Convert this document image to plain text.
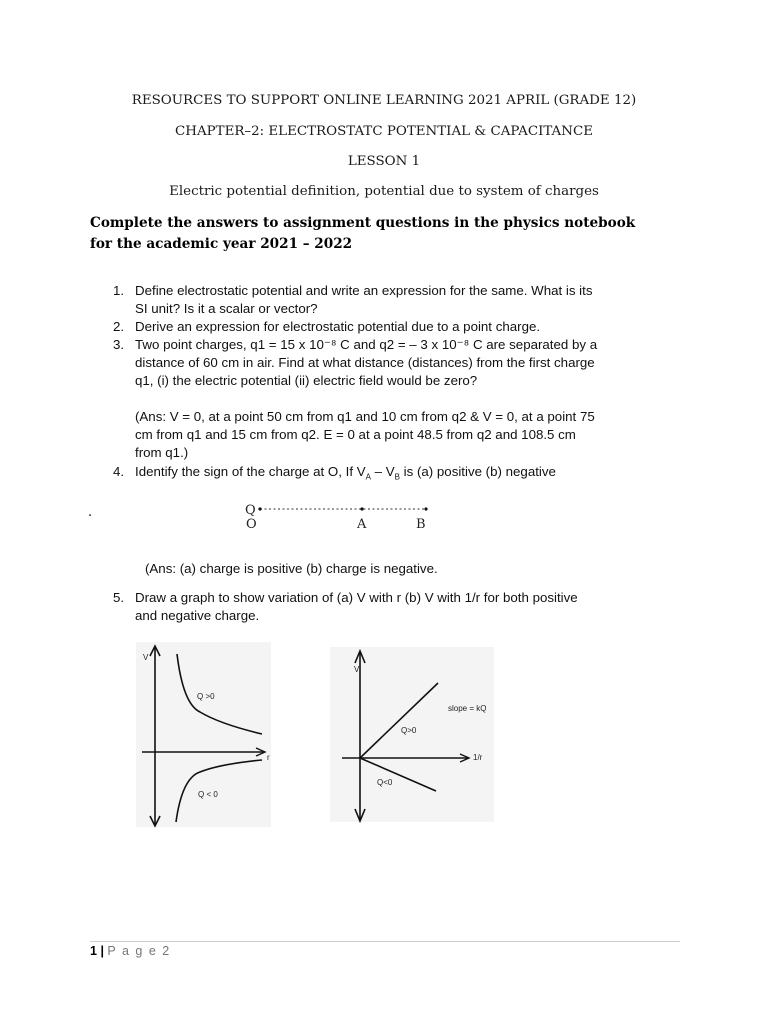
RESOURCES TO SUPPORT ONLINE LEARNING 2021 APRIL (GRADE 12)
CHAPTER–2: ELECTROSTATC POTENTIAL & CAPACITANCE
LESSON 1
Electric potential definition, potential due to system of charges
Complete the answers to assignment questions in the physics notebook
for the academic year 2021 – 2022
1. Define electrostatic potential and write an expression for the same. What is its
SI unit? Is it a scalar or vector?
2. Derive an expression for electrostatic potential due to a point charge.
3. Two point charges, q1 = 15 x 10⁻⁸ C and q2 = – 3 x 10⁻⁸ C are separated by a
distance of 60 cm in air. Find at what distance (distances) from the first charge
q1, (i) the electric potential (ii) electric field would be zero?
(Ans: V = 0, at a point 50 cm from q1 and 10 cm from q2 & V = 0, at a point 75
cm from q1 and 15 cm from q2. E = 0 at a point 48.5 from q2 and 108.5 cm
from q1.)
4. Identify the sign of the charge at O, If $V_A - V_B$ is (a) positive (b) negative
.	Q
O	A	B
(Ans: (a) charge is positive (b) charge is negative.
5. Draw a graph to show variation of (a) V with r (b) V with 1/r for both positive
and negative charge.
V
r
Q >0
Q < 0
V
1/r
slope = kQ
Q>0
Q<0
1 | P a g e 2
